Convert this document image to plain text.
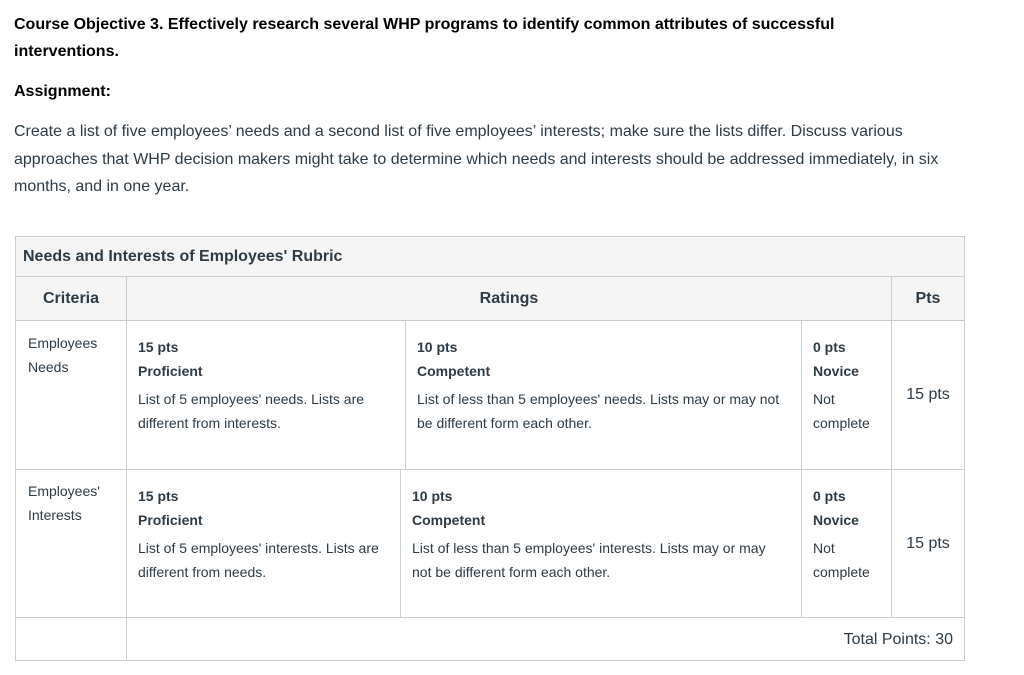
Course Objective 3. Effectively research several WHP programs to identify common attributes of successful interventions.
Assignment:
Create a list of five employees’ needs and a second list of five employees’ interests; make sure the lists differ. Discuss various approaches that WHP decision makers might take to determine which needs and interests should be addressed immediately, in six months, and in one year.
Needs and Interests of Employees' Rubric
Criteria	Ratings	Pts
Employees Needs
15 pts
Proficient
List of 5 employees' needs. Lists are different from interests.
10 pts
Competent
List of less than 5 employees' needs. Lists may or may not be different form each other.
0 pts
Novice
Not complete
15 pts
Employees' Interests
15 pts
Proficient
List of 5 employees' interests. Lists are different from needs.
10 pts
Competent
List of less than 5 employees' interests. Lists may or may not be different form each other.
0 pts
Novice
Not complete
15 pts
Total Points: 30
